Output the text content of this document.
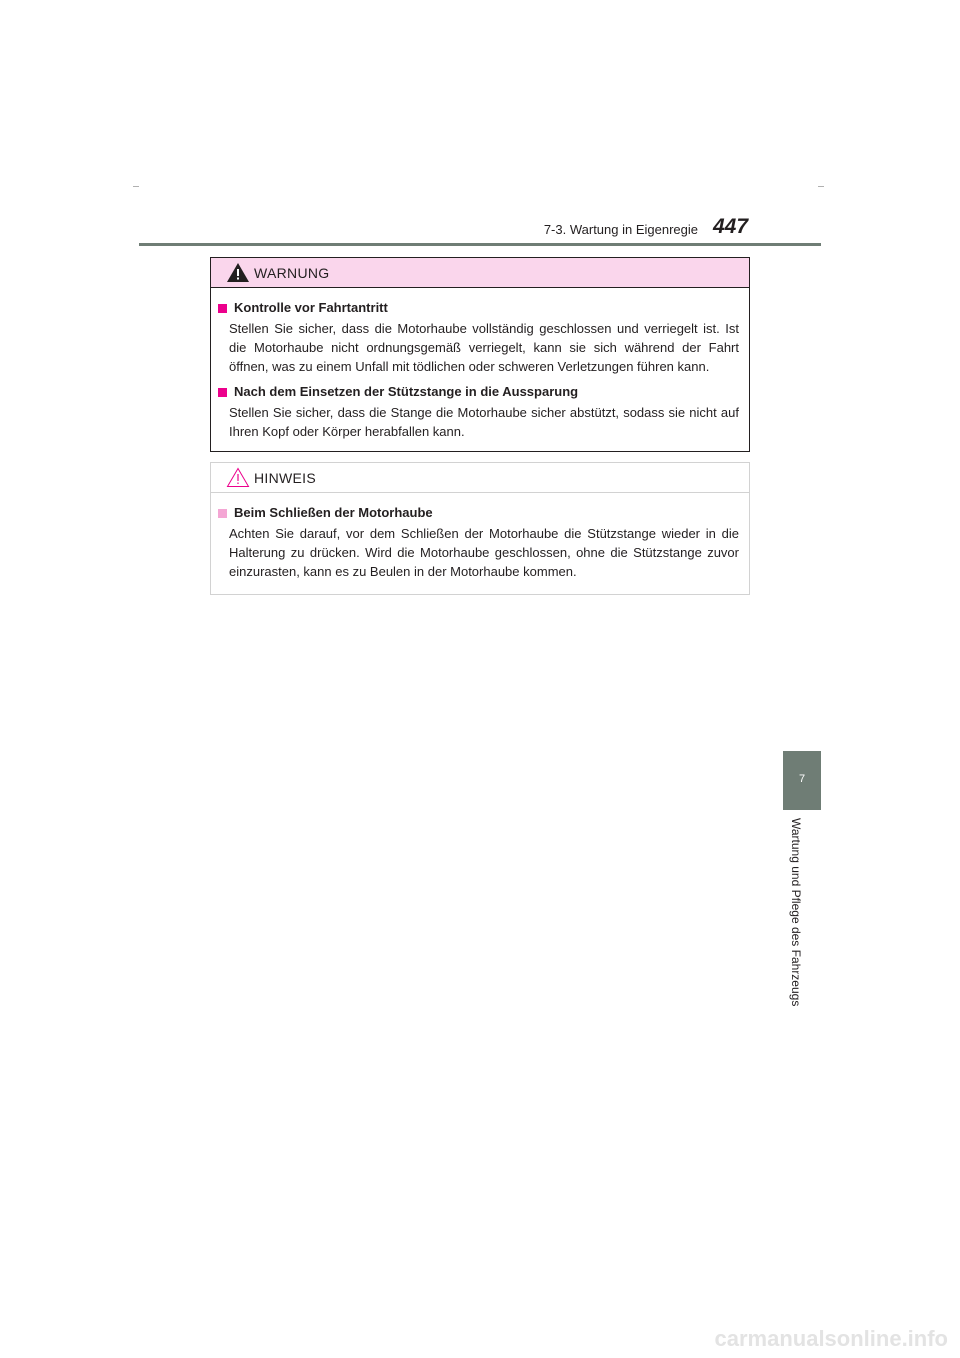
7-3. Wartung in Eigenregie 447
7
Wartung und Pflege des Fahrzeugs
WARNUNG

Kontrolle vor Fahrtantritt

Stellen Sie sicher, dass die Motorhaube vollständig geschlossen und verriegelt ist. Ist die Motorhaube nicht ordnungsgemäß verriegelt, kann sie sich während der Fahrt öffnen, was zu einem Unfall mit tödlichen oder schweren Verletzungen führen kann.

Nach dem Einsetzen der Stützstange in die Aussparung

Stellen Sie sicher, dass die Stange die Motorhaube sicher abstützt, sodass sie nicht auf Ihren Kopf oder Körper herabfallen kann.

HINWEIS

Beim Schließen der Motorhaube

Achten Sie darauf, vor dem Schließen der Motorhaube die Stützstange wieder in die Halterung zu drücken. Wird die Motorhaube geschlossen, ohne die Stützstange zuvor einzurasten, kann es zu Beulen in der Motorhaube kommen.

carmanualsonline.info
